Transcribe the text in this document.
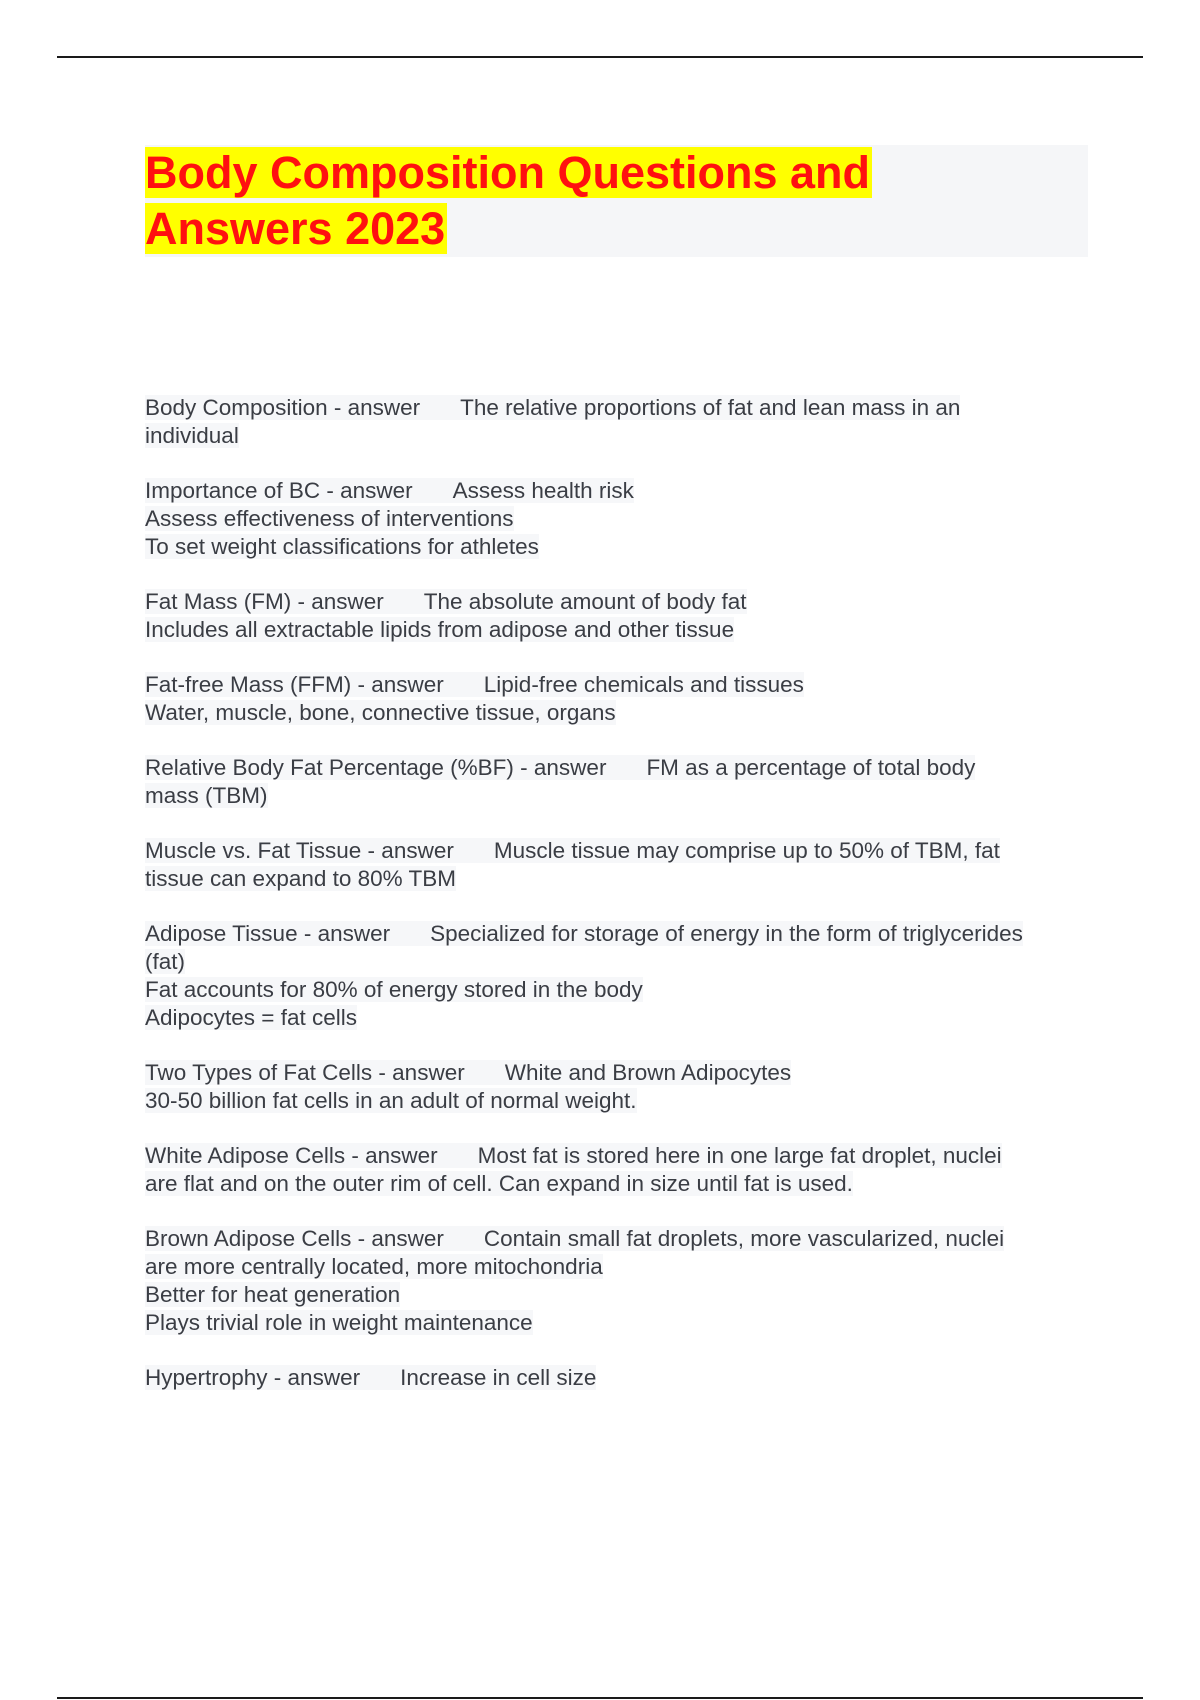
Body Composition Questions and
Answers 2023

Body Composition - answer The relative proportions of fat and lean mass in an
individual

Importance of BC - answer Assess health risk
Assess effectiveness of interventions
To set weight classifications for athletes

Fat Mass (FM) - answer The absolute amount of body fat
Includes all extractable lipids from adipose and other tissue

Fat-free Mass (FFM) - answer Lipid-free chemicals and tissues
Water, muscle, bone, connective tissue, organs

Relative Body Fat Percentage (%BF) - answer FM as a percentage of total body
mass (TBM)

Muscle vs. Fat Tissue - answer Muscle tissue may comprise up to 50% of TBM, fat
tissue can expand to 80% TBM

Adipose Tissue - answer Specialized for storage of energy in the form of triglycerides
(fat)
Fat accounts for 80% of energy stored in the body
Adipocytes = fat cells

Two Types of Fat Cells - answer White and Brown Adipocytes
30-50 billion fat cells in an adult of normal weight.

White Adipose Cells - answer Most fat is stored here in one large fat droplet, nuclei
are flat and on the outer rim of cell. Can expand in size until fat is used.

Brown Adipose Cells - answer Contain small fat droplets, more vascularized, nuclei
are more centrally located, more mitochondria
Better for heat generation
Plays trivial role in weight maintenance

Hypertrophy - answer Increase in cell size
